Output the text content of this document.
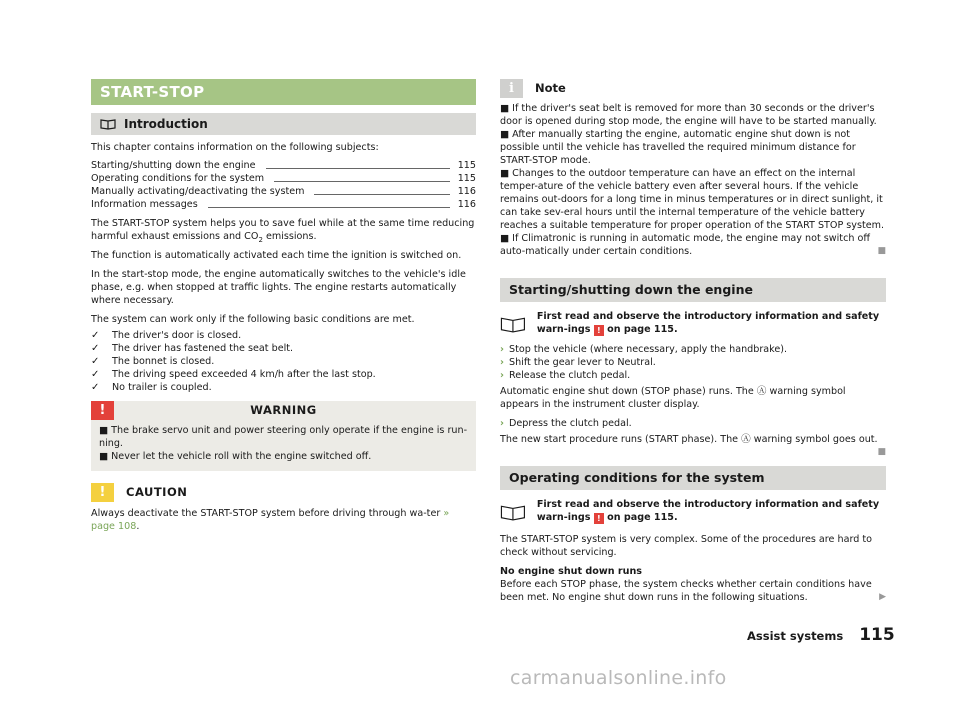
START-STOP
Introduction

This chapter contains information on the following subjects:

Starting/shutting down the engine	115
Operating conditions for the system	115
Manually activating/deactivating the system	116
Information messages	116

The START-STOP system helps you to save fuel while at the same time reducing harmful exhaust emissions and $CO_2$ emissions.

The function is automatically activated each time the ignition is switched on.

In the start-stop mode, the engine automatically switches to the vehicle's idle phase, e.g. when stopped at traffic lights. The engine restarts automatically where necessary.

The system can work only if the following basic conditions are met.

✓	The driver's door is closed.
✓	The driver has fastened the seat belt.
✓	The bonnet is closed.
✓	The driving speed exceeded 4 km/h after the last stop.
✓	No trailer is coupled.
!	WARNING
■ The brake servo unit and power steering only operate if the engine is run-ning.
■ Never let the vehicle roll with the engine switched off.
!	CAUTION
Always deactivate the START-STOP system before driving through wa-ter » page 108.
i	Note
■ If the driver's seat belt is removed for more than 30 seconds or the driver's door is opened during stop mode, the engine will have to be started manually.
■ After manually starting the engine, automatic engine shut down is not possible until the vehicle has travelled the required minimum distance for START-STOP mode.
■ Changes to the outdoor temperature can have an effect on the internal temper-ature of the vehicle battery even after several hours. If the vehicle remains out-doors for a long time in minus temperatures or in direct sunlight, it can take sev-eral hours until the internal temperature of the vehicle battery reaches a suitable temperature for proper operation of the START STOP system.
■ If Climatronic is running in automatic mode, the engine may not switch off auto-matically under certain conditions.	■
Starting/shutting down the engine
First read and observe the introductory information and safety warn-ings ! on page 115.
› Stop the vehicle (where necessary, apply the handbrake).
› Shift the gear lever to Neutral.
› Release the clutch pedal.

Automatic engine shut down (STOP phase) runs. The Ⓐ warning symbol appears in the instrument cluster display.

› Depress the clutch pedal.

The new start procedure runs (START phase). The Ⓐ warning symbol goes out.
■

Operating conditions for the system
First read and observe the introductory information and safety warn-ings ! on page 115.

The START-STOP system is very complex. Some of the procedures are hard to check without servicing.

No engine shut down runs

Before each STOP phase, the system checks whether certain conditions have been met. No engine shut down runs in the following situations.	▶

Assist systems 115
carmanualsonline.info
